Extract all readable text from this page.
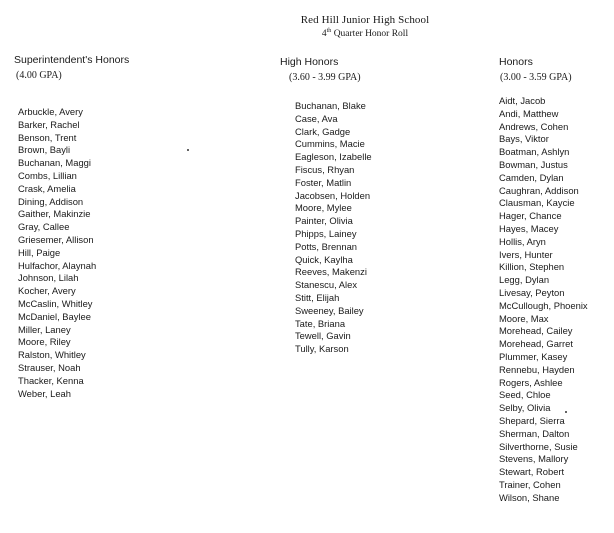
Red Hill Junior High School
4th Quarter Honor Roll
Superintendent's Honors
(4.00 GPA)
Arbuckle, Avery
Barker, Rachel
Benson, Trent
Brown, Bayli
Buchanan, Maggi
Combs, Lillian
Crask, Amelia
Dining, Addison
Gaither, Makinzie
Gray, Callee
Griesemer, Allison
Hill, Paige
Hulfachor, Alaynah
Johnson, Lilah
Kocher, Avery
McCaslin, Whitley
McDaniel, Baylee
Miller, Laney
Moore, Riley
Ralston, Whitley
Strauser, Noah
Thacker, Kenna
Weber, Leah
High Honors
(3.60 - 3.99 GPA)
Buchanan, Blake
Case, Ava
Clark, Gadge
Cummins, Macie
Eagleson, Izabelle
Fiscus, Rhyan
Foster, Matlin
Jacobsen, Holden
Moore, Mylee
Painter, Olivia
Phipps, Lainey
Potts, Brennan
Quick, Kaylha
Reeves, Makenzi
Stanescu, Alex
Stitt, Elijah
Sweeney, Bailey
Tate, Briana
Tewell, Gavin
Tully, Karson
Honors
(3.00 - 3.59 GPA)
Aidt, Jacob
Andi, Matthew
Andrews, Cohen
Bays, Viktor
Boatman, Ashlyn
Bowman, Justus
Camden, Dylan
Caughran, Addison
Clausman, Kaycie
Hager, Chance
Hayes, Macey
Hollis, Aryn
Ivers, Hunter
Killion, Stephen
Legg, Dylan
Livesay, Peyton
McCullough, Phoenix
Moore, Max
Morehead, Cailey
Morehead, Garret
Plummer, Kasey
Rennebu, Hayden
Rogers, Ashlee
Seed, Chloe
Selby, Olivia
Shepard, Sierra
Sherman, Dalton
Silverthorne, Susie
Stevens, Mallory
Stewart, Robert
Trainer, Cohen
Wilson, Shane
